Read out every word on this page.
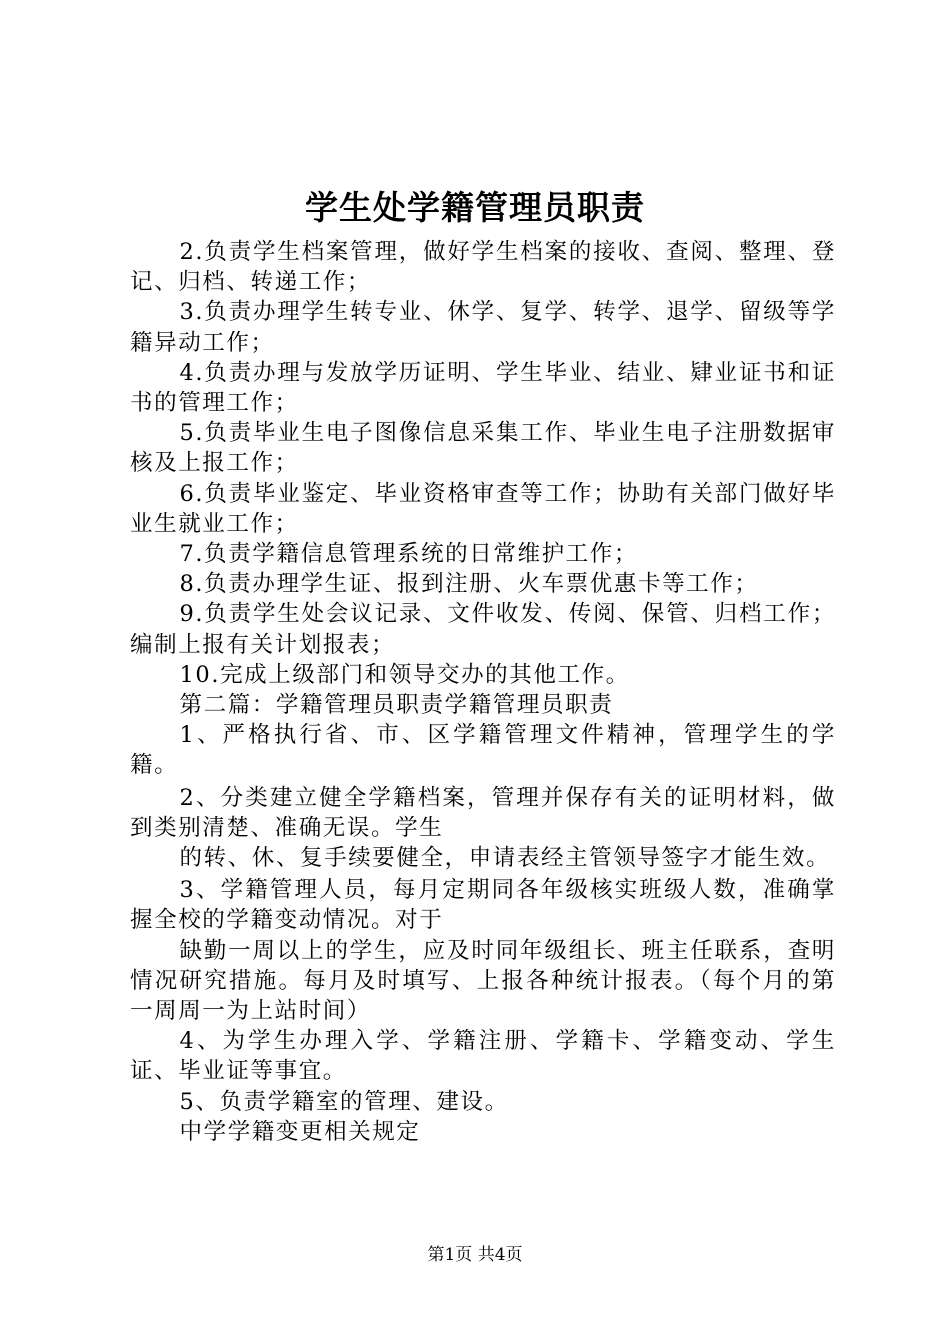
学生处学籍管理员职责

2.负责学生档案管理，做好学生档案的接收、查阅、整理、登记、归档、转递工作；

3.负责办理学生转专业、休学、复学、转学、退学、留级等学籍异动工作；

4.负责办理与发放学历证明、学生毕业、结业、肄业证书和证书的管理工作；

5.负责毕业生电子图像信息采集工作、毕业生电子注册数据审核及上报工作；

6.负责毕业鉴定、毕业资格审查等工作；协助有关部门做好毕业生就业工作；

7.负责学籍信息管理系统的日常维护工作；

8.负责办理学生证、报到注册、火车票优惠卡等工作；

9.负责学生处会议记录、文件收发、传阅、保管、归档工作；编制上报有关计划报表；

10.完成上级部门和领导交办的其他工作。

第二篇：学籍管理员职责学籍管理员职责

1、严格执行省、市、区学籍管理文件精神，管理学生的学籍。

2、分类建立健全学籍档案，管理并保存有关的证明材料，做到类别清楚、准确无误。学生

的转、休、复手续要健全，申请表经主管领导签字才能生效。

3、学籍管理人员，每月定期同各年级核实班级人数，准确掌握全校的学籍变动情况。对于

缺勤一周以上的学生，应及时同年级组长、班主任联系，查明情况研究措施。每月及时填写、上报各种统计报表。（每个月的第一周周一为上站时间）

4、为学生办理入学、学籍注册、学籍卡、学籍变动、学生证、毕业证等事宜。

5、负责学籍室的管理、建设。

中学学籍变更相关规定

第1页 共4页
